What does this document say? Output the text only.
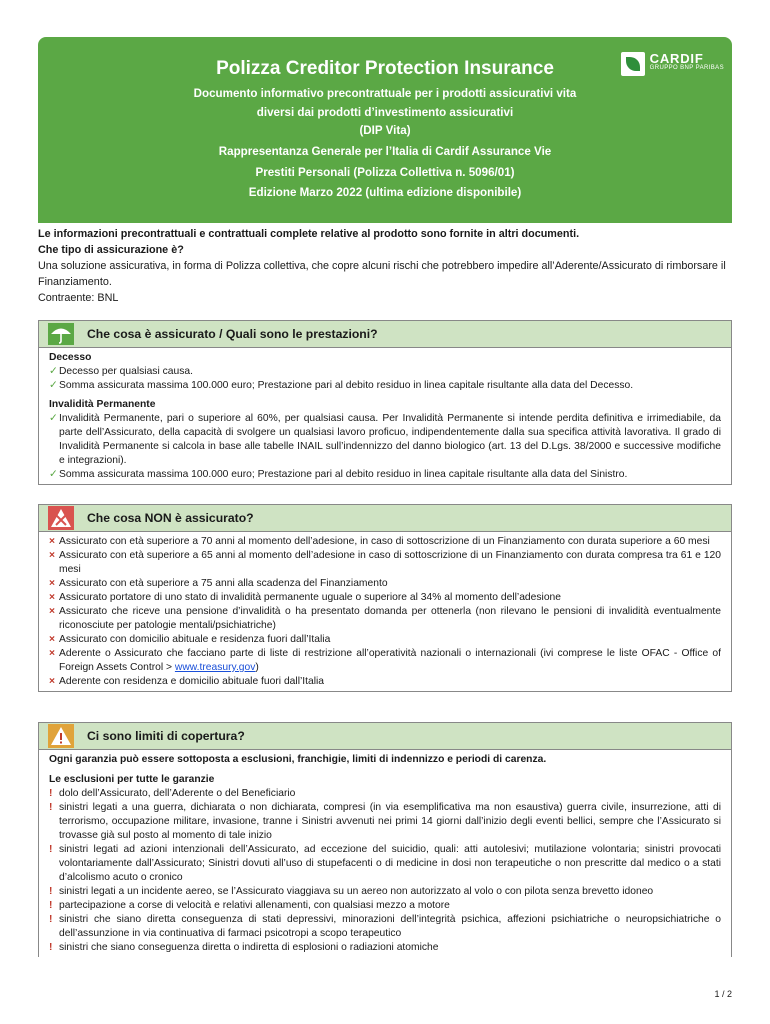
Polizza Creditor Protection Insurance
Documento informativo precontrattuale per i prodotti assicurativi vita
diversi dai prodotti d’investimento assicurativi
(DIP Vita)
Rappresentanza Generale per l’Italia di Cardif Assurance Vie
Prestiti Personali (Polizza Collettiva n. 5096/01)
Edizione Marzo 2022 (ultima edizione disponibile)
CARDIF
GRUPPO BNP PARIBAS
Le informazioni precontrattuali e contrattuali complete relative al prodotto sono fornite in altri documenti.
Che tipo di assicurazione è?
Una soluzione assicurativa, in forma di Polizza collettiva, che copre alcuni rischi che potrebbero impedire all’Aderente/Assicurato di rimborsare il Finanziamento.
Contraente: BNL
Che cosa è assicurato / Quali sono le prestazioni?
Decesso
✓ Decesso per qualsiasi causa.
✓ Somma assicurata massima 100.000 euro; Prestazione pari al debito residuo in linea capitale risultante alla data del Decesso.
Invalidità Permanente
✓ Invalidità Permanente, pari o superiore al 60%, per qualsiasi causa. Per Invalidità Permanente si intende perdita definitiva e irrimediabile, da parte dell’Assicurato, della capacità di svolgere un qualsiasi lavoro proficuo, indipendentemente dalla sua specifica attività lavorativa. Il grado di Invalidità Permanente si calcola in base alle tabelle INAIL sull’indennizzo del danno biologico (art. 13 del D.Lgs. 38/2000 e successive modifiche e integrazioni).
✓ Somma assicurata massima 100.000 euro; Prestazione pari al debito residuo in linea capitale risultante alla data del Sinistro.
Che cosa NON è assicurato?
× Assicurato con età superiore a 70 anni al momento dell’adesione, in caso di sottoscrizione di un Finanziamento con durata superiore a 60 mesi
× Assicurato con età superiore a 65 anni al momento dell’adesione in caso di sottoscrizione di un Finanziamento con durata compresa tra 61 e 120 mesi
× Assicurato con età superiore a 75 anni alla scadenza del Finanziamento
× Assicurato portatore di uno stato di invalidità permanente uguale o superiore al 34% al momento dell’adesione
× Assicurato che riceve una pensione d’invalidità o ha presentato domanda per ottenerla (non rilevano le pensioni di invalidità eventualmente riconosciute per patologie mentali/psichiatriche)
× Assicurato con domicilio abituale e residenza fuori dall’Italia
× Aderente o Assicurato che facciano parte di liste di restrizione all’operatività nazionali o internazionali (ivi comprese le liste OFAC - Office of Foreign Assets Control > www.treasury.gov)
× Aderente con residenza e domicilio abituale fuori dall’Italia
Ci sono limiti di copertura?
Ogni garanzia può essere sottoposta a esclusioni, franchigie, limiti di indennizzo e periodi di carenza.
Le esclusioni per tutte le garanzie
! dolo dell’Assicurato, dell’Aderente o del Beneficiario
! sinistri legati a una guerra, dichiarata o non dichiarata, compresi (in via esemplificativa ma non esaustiva) guerra civile, insurrezione, atti di terrorismo, occupazione militare, invasione, tranne i Sinistri avvenuti nei primi 14 giorni dall’inizio degli eventi bellici, sempre che l’Assicurato si trovasse già sul posto al momento di tale inizio
! sinistri legati ad azioni intenzionali dell’Assicurato, ad eccezione del suicidio, quali: atti autolesivi; mutilazione volontaria; sinistri provocati volontariamente dall’Assicurato; Sinistri dovuti all’uso di stupefacenti o di medicine in dosi non terapeutiche o non prescritte dal medico o a stati d’alcolismo acuto o cronico
! sinistri legati a un incidente aereo, se l’Assicurato viaggiava su un aereo non autorizzato al volo o con pilota senza brevetto idoneo
! partecipazione a corse di velocità e relativi allenamenti, con qualsiasi mezzo a motore
! sinistri che siano diretta conseguenza di stati depressivi, minorazioni dell’integrità psichica, affezioni psichiatriche o neuropsichiatriche o dell’assunzione in via continuativa di farmaci psicotropi a scopo terapeutico
! sinistri che siano conseguenza diretta o indiretta di esplosioni o radiazioni atomiche
1 / 2
